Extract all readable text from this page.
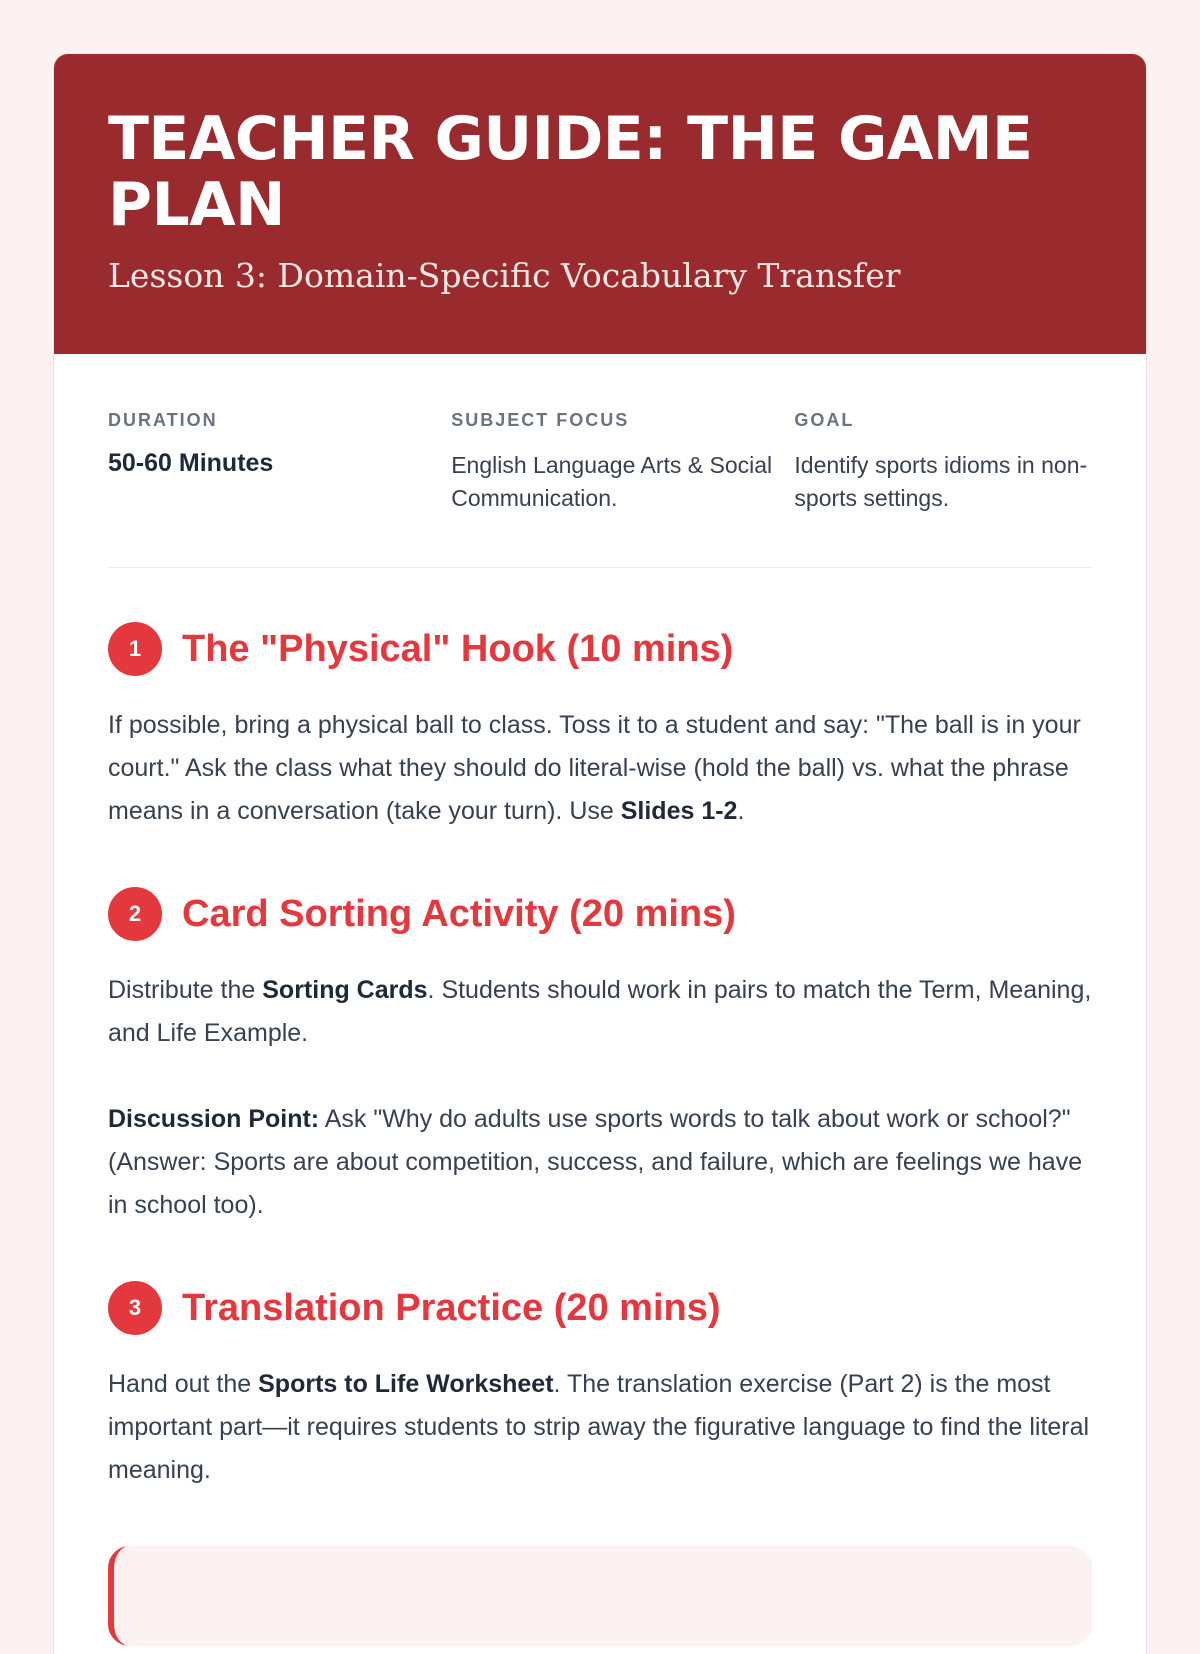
TEACHER GUIDE: THE GAME PLAN

Lesson 3: Domain-Specific Vocabulary Transfer

DURATION
50-60 Minutes
SUBJECT FOCUS
English Language Arts & Social Communication.
GOAL
Identify sports idioms in non-sports settings.
1	The "Physical" Hook (10 mins)

If possible, bring a physical ball to class. Toss it to a student and say: "The ball is in your court." Ask the class what they should do literal-wise (hold the ball) vs. what the phrase means in a conversation (take your turn). Use Slides 1-2.

2	Card Sorting Activity (20 mins)

Distribute the Sorting Cards. Students should work in pairs to match the Term, Meaning, and Life Example.

Discussion Point: Ask "Why do adults use sports words to talk about work or school?" (Answer: Sports are about competition, success, and failure, which are feelings we have in school too).

3	Translation Practice (20 mins)

Hand out the Sports to Life Worksheet. The translation exercise (Part 2) is the most important part—it requires students to strip away the figurative language to find the literal meaning.
